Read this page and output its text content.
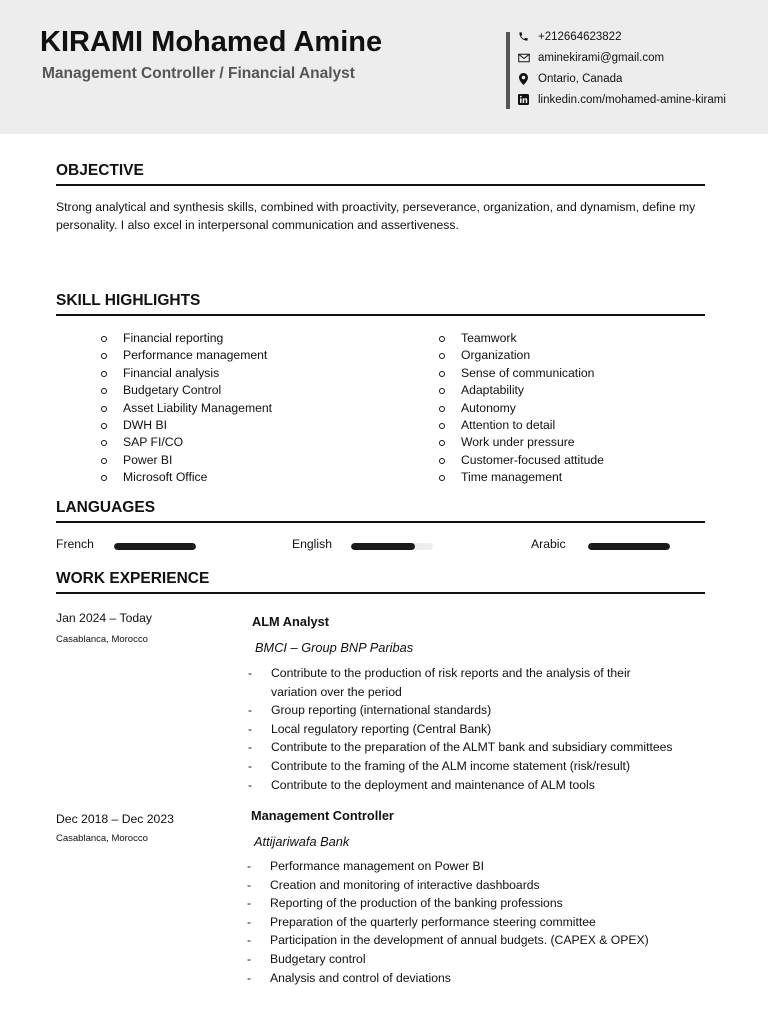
KIRAMI Mohamed Amine
Management Controller / Financial Analyst
+212664623822
aminekirami@gmail.com
Ontario, Canada
linkedin.com/mohamed-amine-kirami
OBJECTIVE
Strong analytical and synthesis skills, combined with proactivity, perseverance, organization, and dynamism, define my personality. I also excel in interpersonal communication and assertiveness.
SKILL HIGHLIGHTS
Financial reporting
Performance management
Financial analysis
Budgetary Control
Asset Liability Management
DWH BI
SAP FI/CO
Power BI
Microsoft Office
Teamwork
Organization
Sense of communication
Adaptability
Autonomy
Attention to detail
Work under pressure
Customer-focused attitude
Time management
LANGUAGES
French	English	Arabic
WORK EXPERIENCE
Jan 2024 – Today
Casablanca, Morocco
ALM Analyst
BMCI – Group BNP Paribas
- Contribute to the production of risk reports and the analysis of their
variation over the period
- Group reporting (international standards)
- Local regulatory reporting (Central Bank)
- Contribute to the preparation of the ALMT bank and subsidiary committees
- Contribute to the framing of the ALM income statement (risk/result)
- Contribute to the deployment and maintenance of ALM tools
Dec 2018 – Dec 2023
Casablanca, Morocco
Management Controller
Attijariwafa Bank
- Performance management on Power BI
- Creation and monitoring of interactive dashboards
- Reporting of the production of the banking professions
- Preparation of the quarterly performance steering committee
- Participation in the development of annual budgets. (CAPEX & OPEX)
- Budgetary control
- Analysis and control of deviations
